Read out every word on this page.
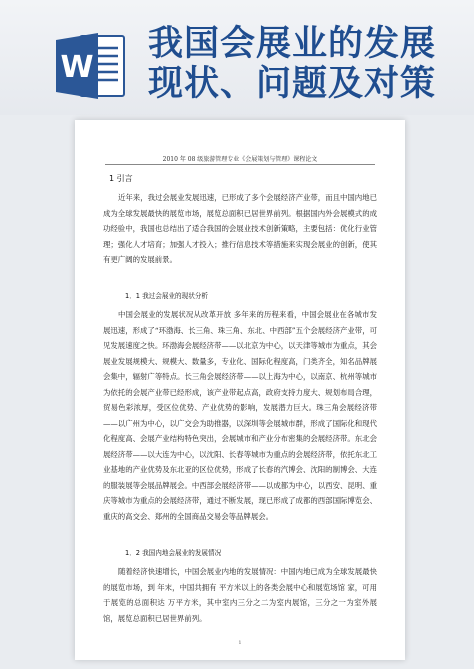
W
我国会展业的发展
现状、问题及对策
2010 年 08 级旅游管理专业《会展策划与管理》课程论文
1 引言

近年来，我过会展业发展迅速，已形成了多个会展经济产业带，而且中国内地已成为全球发展最快的展览市场，展览总面积已居世界前列。根据国内外会展模式的成功经验中，我国也总结出了适合我国的会展业技术创新策略，主要包括：优化行业管理；强化人才培育；加强人才投入；推行信息技术等措施来实现会展业的创新，使其有更广阔的发展前景。

1．1 我过会展业的现状分析

中国会展业的发展状况从改革开放 多年来的历程来看，中国会展业在各城市发展迅速，形成了“环渤海、长三角、珠三角、东北、中西部”五个会展经济产业带，可见发展速度之快。环渤海会展经济带——以北京为中心，以天津等城市为重点，其会展业发展规模大、规模大、数量多，专业化、国际化程度高，门类齐全，知名品牌展会集中，辐射广等特点。长三角会展经济带——以上海为中心，以南京、杭州等城市为依托的会展产业带已经形成，该产业带起点高，政府支持力度大、规划布局合理，贸易色彩浓厚，受区位优势、产业优势的影响，发展潜力巨大。珠三角会展经济带——以广州为中心，以广交会为助推器，以深圳等会展城市群，形成了国际化和现代化程度高、会展产业结构特色突出，会展城市和产业分布密集的会展经济带。东北会展经济带——以大连为中心，以沈阳、长春等城市为重点的会展经济带，依托东北工业基地的产业优势及东北亚的区位优势，形成了长春的汽博会、沈阳的制博会、大连的服装展等会展品牌展会。中西部会展经济带——以成都为中心，以西安、昆明、重庆等城市为重点的会展经济带，通过不断发展，现已形成了成都的西部国际博览会、重庆的高交会、郑州的全国商品交易会等品牌展会。

1．2 我国内地会展业的发展情况

随着经济快速增长，中国会展业内地的发展情况：中国内地已成为全球发展最快的展览市场，到 年末，中国共拥有 平方米以上的各类会展中心和展览场馆 家，可用于展览的总面积达 万平方米，其中室内三分之二为室内展馆，三分之一为室外展馆，展览总面积已居世界前列。

1
